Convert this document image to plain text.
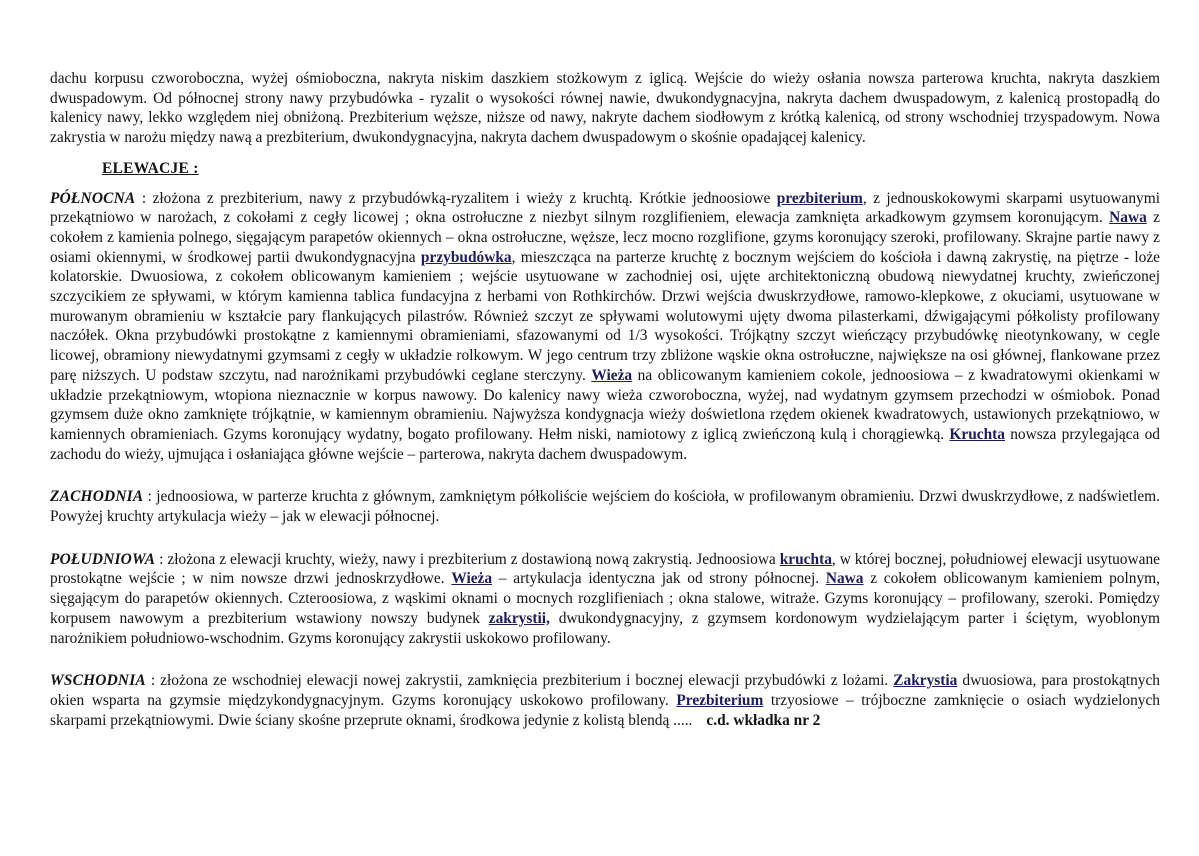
dachu korpusu czworoboczna, wyżej ośmioboczna, nakryta niskim daszkiem stożkowym z iglicą. Wejście do wieży osłania nowsza parterowa kruchta, nakryta daszkiem dwuspadowym. Od północnej strony nawy przybudówka - ryzalit o wysokości równej nawie, dwukondygnacyjna, nakryta dachem dwuspadowym, z kalenicą prostopadłą do kalenicy nawy, lekko względem niej obniżoną. Prezbiterium węższe, niższe od nawy, nakryte dachem siodłowym z krótką kalenicą, od strony wschodniej trzyspadowym. Nowa zakrystia w narożu między nawą a prezbiterium, dwukondygnacyjna, nakryta dachem dwuspadowym o skośnie opadającej kalenicy.

ELEWACJE :

PÓŁNOCNA : złożona z prezbiterium, nawy z przybudówką-ryzalitem i wieży z kruchtą. Krótkie jednoosiowe prezbiterium, z jednouskokowymi skarpami usytuowanymi przekątniowo w narożach, z cokołami z cegły licowej ; okna ostrołuczne z niezbyt silnym rozglifieniem, elewacja zamknięta arkadkowym gzymsem koronującym. Nawa z cokołem z kamienia polnego, sięgającym parapetów okiennych – okna ostrołuczne, węższe, lecz mocno rozglifione, gzyms koronujący szeroki, profilowany. Skrajne partie nawy z osiami okiennymi, w środkowej partii dwukondygnacyjna przybudówka, mieszcząca na parterze kruchtę z bocznym wejściem do kościoła i dawną zakrystię, na piętrze - loże kolatorskie. Dwuosiowa, z cokołem oblicowanym kamieniem ; wejście usytuowane w zachodniej osi, ujęte architektoniczną obudową niewydatnej kruchty, zwieńczonej szczycikiem ze spływami, w którym kamienna tablica fundacyjna z herbami von Rothkirchów. Drzwi wejścia dwuskrzydłowe, ramowo-klepkowe, z okuciami, usytuowane w murowanym obramieniu w kształcie pary flankujących pilastrów. Również szczyt ze spływami wolutowymi ujęty dwoma pilasterkami, dźwigającymi półkolisty profilowany naczółek. Okna przybudówki prostokątne z kamiennymi obramieniami, sfazowanymi od 1/3 wysokości. Trójkątny szczyt wieńczący przybudówkę nieotynkowany, w cegle licowej, obramiony niewydatnymi gzymsami z cegły w układzie rolkowym. W jego centrum trzy zbliżone wąskie okna ostrołuczne, największe na osi głównej, flankowane przez parę niższych. U podstaw szczytu, nad narożnikami przybudówki ceglane sterczyny. Wieża na oblicowanym kamieniem cokole, jednoosiowa – z kwadratowymi okienkami w układzie przekątniowym, wtopiona nieznacznie w korpus nawowy. Do kalenicy nawy wieża czworoboczna, wyżej, nad wydatnym gzymsem przechodzi w ośmiobok. Ponad gzymsem duże okno zamknięte trójkątnie, w kamiennym obramieniu. Najwyższa kondygnacja wieży doświetlona rzędem okienek kwadratowych, ustawionych przekątniowo, w kamiennych obramieniach. Gzyms koronujący wydatny, bogato profilowany. Hełm niski, namiotowy z iglicą zwieńczoną kulą i chorągiewką. Kruchta nowsza przylegająca od zachodu do wieży, ujmująca i osłaniająca główne wejście – parterowa, nakryta dachem dwuspadowym.

ZACHODNIA : jednoosiowa, w parterze kruchta z głównym, zamkniętym półkoliście wejściem do kościoła, w profilowanym obramieniu. Drzwi dwuskrzydłowe, z nadświetlem. Powyżej kruchty artykulacja wieży – jak w elewacji północnej.

POŁUDNIOWA : złożona z elewacji kruchty, wieży, nawy i prezbiterium z dostawioną nową zakrystią. Jednoosiowa kruchta, w której bocznej, południowej elewacji usytuowane prostokątne wejście ; w nim nowsze drzwi jednoskrzydłowe. Wieża – artykulacja identyczna jak od strony północnej. Nawa z cokołem oblicowanym kamieniem polnym, sięgającym do parapetów okiennych. Czteroosiowa, z wąskimi oknami o mocnych rozglifieniach ; okna stalowe, witraże. Gzyms koronujący – profilowany, szeroki. Pomiędzy korpusem nawowym a prezbiterium wstawiony nowszy budynek zakrystii, dwukondygnacyjny, z gzymsem kordonowym wydzielającym parter i ściętym, wyoblonym narożnikiem południowo-wschodnim. Gzyms koronujący zakrystii uskokowo profilowany.

WSCHODNIA : złożona ze wschodniej elewacji nowej zakrystii, zamknięcia prezbiterium i bocznej elewacji przybudówki z lożami. Zakrystia dwuosiowa, para prostokątnych okien wsparta na gzymsie międzykondygnacyjnym. Gzyms koronujący uskokowo profilowany. Prezbiterium trzyosiowe – trójboczne zamknięcie o osiach wydzielonych skarpami przekątniowymi. Dwie ściany skośne przeprute oknami, środkowa jedynie z kolistą blendą ..... c.d. wkładka nr 2
